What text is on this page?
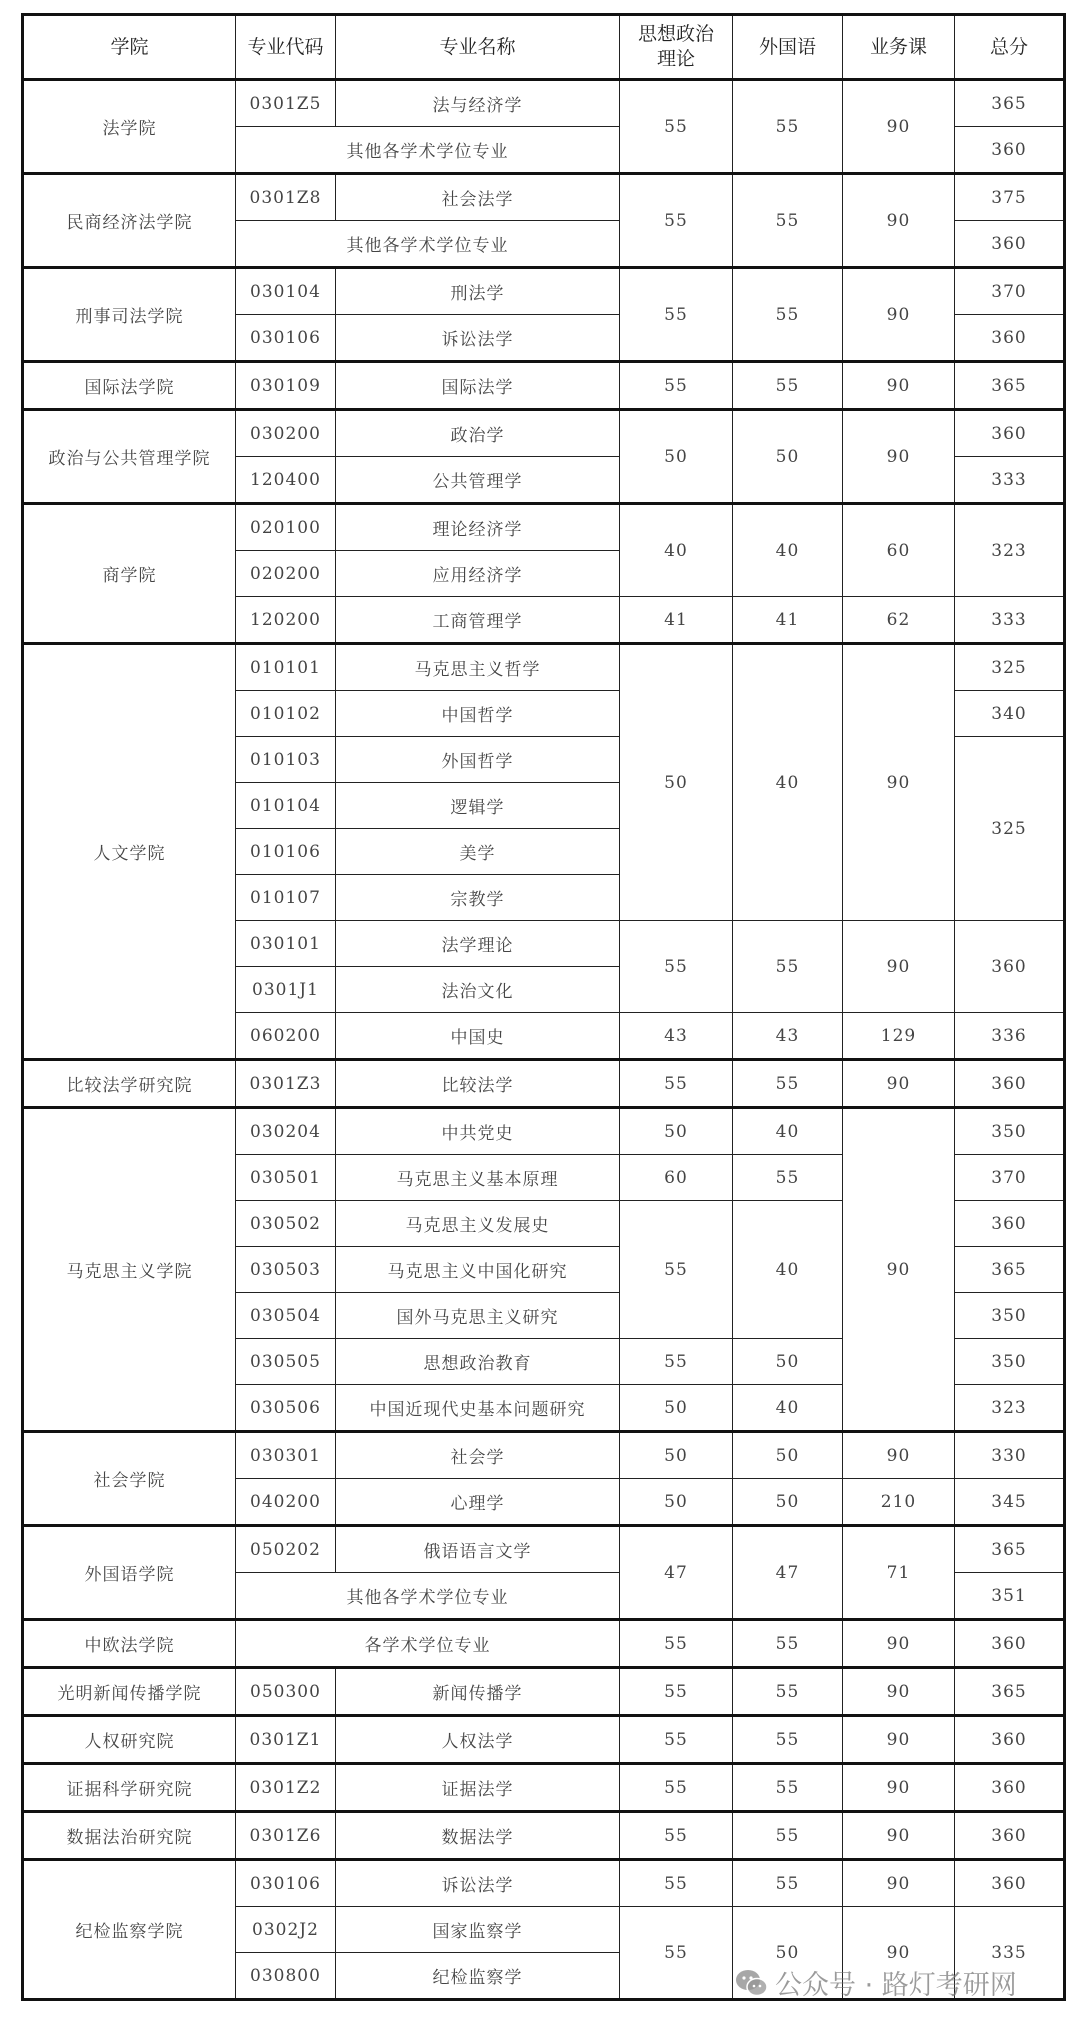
学院	专业代码	专业名称	思想政治
理论	外国语	业务课	总分
法学院	0301Z5	法与经济学	55	55	90	365
	其他各学术学位专业					360
民商经济法学院	0301Z8	社会法学	55	55	90	375
	其他各学术学位专业					360
刑事司法学院	030104	刑法学	55	55	90	370
	030106	诉讼法学				360
国际法学院	030109	国际法学	55	55	90	365
政治与公共管理学院	030200	政治学	50	50	90	360
	120400	公共管理学				333
商学院	020100	理论经济学	40	40	60	323
	020200	应用经济学				
	120200	工商管理学	41	41	62	333
人文学院	010101	马克思主义哲学	50	40	90	325
	010102	中国哲学				340
	010103	外国哲学				325
	010104	逻辑学				
	010106	美学				
	010107	宗教学				
	030101	法学理论	55	55	90	360
	0301J1	法治文化				
	060200	中国史	43	43	129	336
比较法学研究院	0301Z3	比较法学	55	55	90	360
马克思主义学院	030204	中共党史	50	40	90	350
	030501	马克思主义基本原理	60	55		370
	030502	马克思主义发展史	55	40		360
	030503	马克思主义中国化研究				365
	030504	国外马克思主义研究				350
	030505	思想政治教育	55	50		350
	030506	中国近现代史基本问题研究	50	40		323
社会学院	030301	社会学	50	50	90	330
	040200	心理学	50	50	210	345
外国语学院	050202	俄语语言文学	47	47	71	365
	其他各学术学位专业					351
中欧法学院	各学术学位专业		55	55	90	360
光明新闻传播学院	050300	新闻传播学	55	55	90	365
人权研究院	0301Z1	人权法学	55	55	90	360
证据科学研究院	0301Z2	证据法学	55	55	90	360
数据法治研究院	0301Z6	数据法学	55	55	90	360
纪检监察学院	030106	诉讼法学	55	55	90	360
	0302J2	国家监察学	55	50	90	335
	030800	纪检监察学					公众号 · 路灯考研网
